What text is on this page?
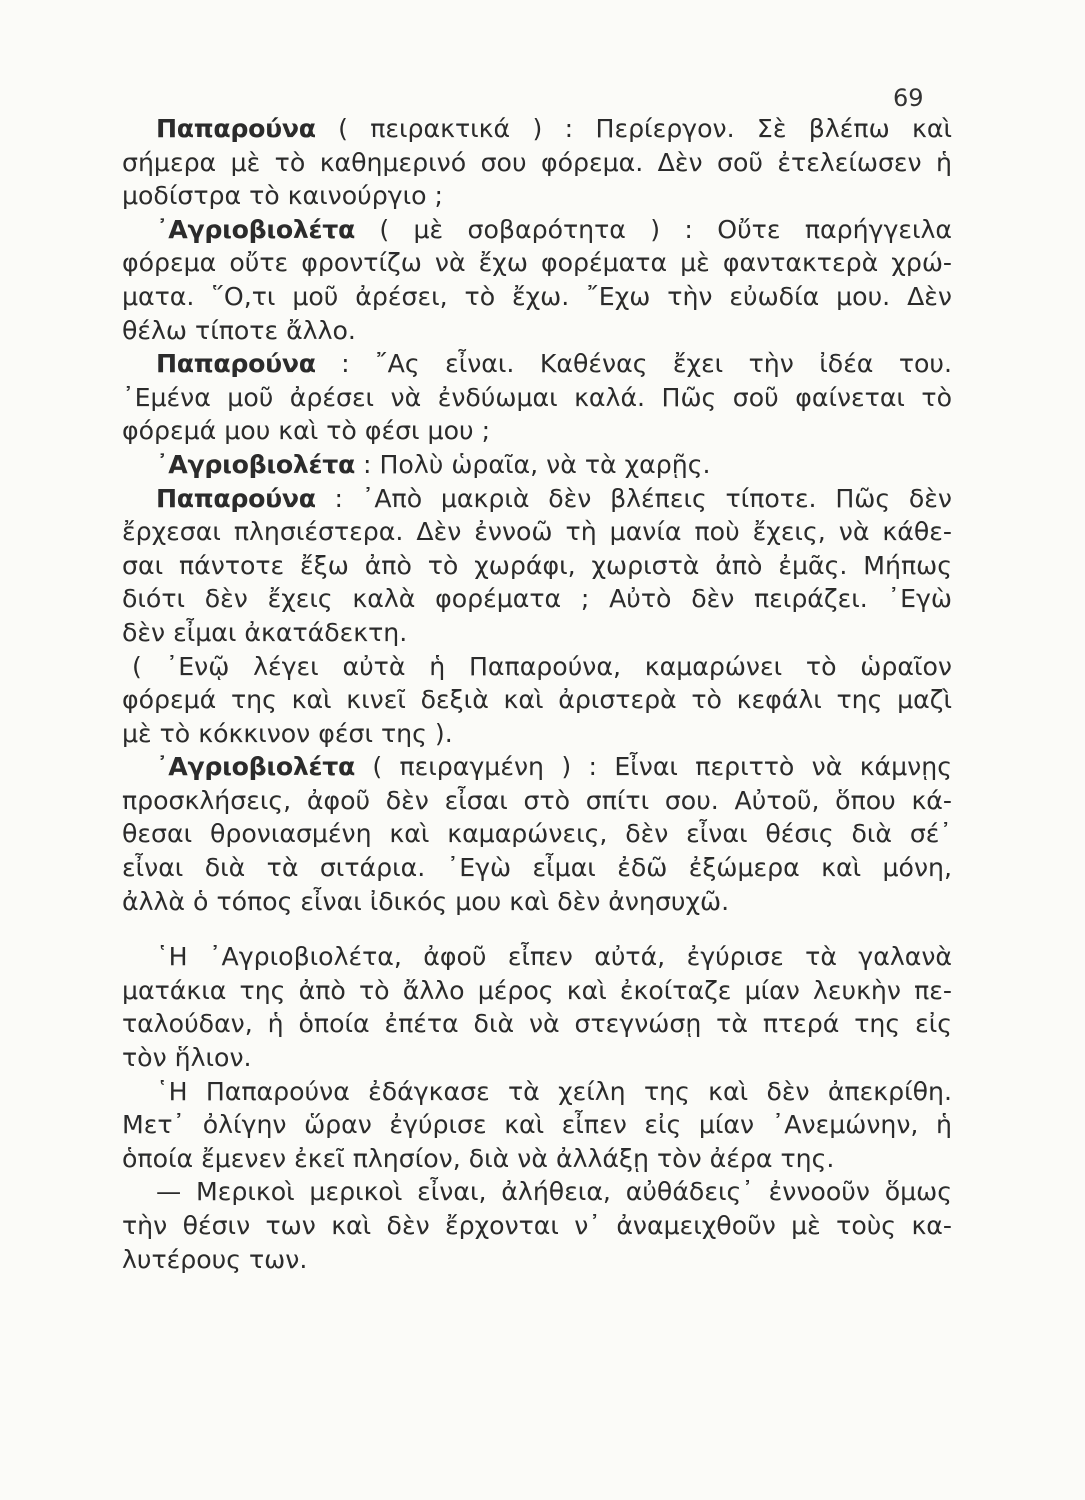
69
Παπαρούνα ( πειρακτικά ) : Περίεργον. Σὲ βλέπω καὶ
σήμερα μὲ τὸ καθημερινό σου φόρεμα. Δὲν σοῦ ἐτελείωσεν ἡ
μοδίστρα τὸ καινούργιο ;
᾿Αγριοβιολέτα ( μὲ σοβαρότητα ) : Οὔτε παρήγγειλα
φόρεμα οὔτε φροντίζω νὰ ἔχω φορέματα μὲ φαντακτερὰ χρώ-
ματα. ῞Ο,τι μοῦ ἀρέσει, τὸ ἔχω. ῎Εχω τὴν εὐωδία μου. Δὲν
θέλω τίποτε ἄλλο.
Παπαρούνα : ῎Ας εἶναι. Καθένας ἔχει τὴν ἰδέα του.
᾿Εμένα μοῦ ἀρέσει νὰ ἐνδύωμαι καλά. Πῶς σοῦ φαίνεται τὸ
φόρεμά μου καὶ τὸ φέσι μου ;
᾿Αγριοβιολέτα : Πολὺ ὡραῖα, νὰ τὰ χαρῇς.
Παπαρούνα : ᾿Απὸ μακριὰ δὲν βλέπεις τίποτε. Πῶς δὲν
ἔρχεσαι πλησιέστερα. Δὲν ἐννοῶ τὴ μανία ποὺ ἔχεις, νὰ κάθε-
σαι πάντοτε ἔξω ἀπὸ τὸ χωράφι, χωριστὰ ἀπὸ ἐμᾶς. Μήπως
διότι δὲν ἔχεις καλὰ φορέματα ; Αὐτὸ δὲν πειράζει. ᾿Εγὼ
δὲν εἶμαι ἀκατάδεκτη.
( ᾿Ενῷ λέγει αὐτὰ ἡ Παπαρούνα, καμαρώνει τὸ ὡραῖον
φόρεμά της καὶ κινεῖ δεξιὰ καὶ ἀριστερὰ τὸ κεφάλι της μαζὶ
μὲ τὸ κόκκινον φέσι της ).
᾿Αγριοβιολέτα ( πειραγμένη ) : Εἶναι περιττὸ νὰ κάμνῃς
προσκλήσεις, ἀφοῦ δὲν εἶσαι στὸ σπίτι σου. Αὐτοῦ, ὅπου κά-
θεσαι θρονιασμένη καὶ καμαρώνεις, δὲν εἶναι θέσις διὰ σέ᾿
εἶναι διὰ τὰ σιτάρια. ᾿Εγὼ εἶμαι ἐδῶ ἐξώμερα καὶ μόνη,
ἀλλὰ ὁ τόπος εἶναι ἰδικός μου καὶ δὲν ἀνησυχῶ.
῾Η ᾿Αγριοβιολέτα, ἀφοῦ εἶπεν αὐτά, ἐγύρισε τὰ γαλανὰ
ματάκια της ἀπὸ τὸ ἄλλο μέρος καὶ ἐκοίταζε μίαν λευκὴν πε-
ταλούδαν, ἡ ὁποία ἐπέτα διὰ νὰ στεγνώσῃ τὰ πτερά της εἰς
τὸν ἥλιον.
῾Η Παπαρούνα ἐδάγκασε τὰ χείλη της καὶ δὲν ἀπεκρίθη.
Μετ᾿ ὀλίγην ὥραν ἐγύρισε καὶ εἶπεν εἰς μίαν ᾿Ανεμώνην, ἡ
ὁποία ἔμενεν ἐκεῖ πλησίον, διὰ νὰ ἀλλάξῃ τὸν ἀέρα της.
— Μερικοὶ μερικοὶ εἶναι, ἀλήθεια, αὐθάδεις᾿ ἐννοοῦν ὅμως
τὴν θέσιν των καὶ δὲν ἔρχονται ν᾿ ἀναμειχθοῦν μὲ τοὺς κα-
λυτέρους των.
